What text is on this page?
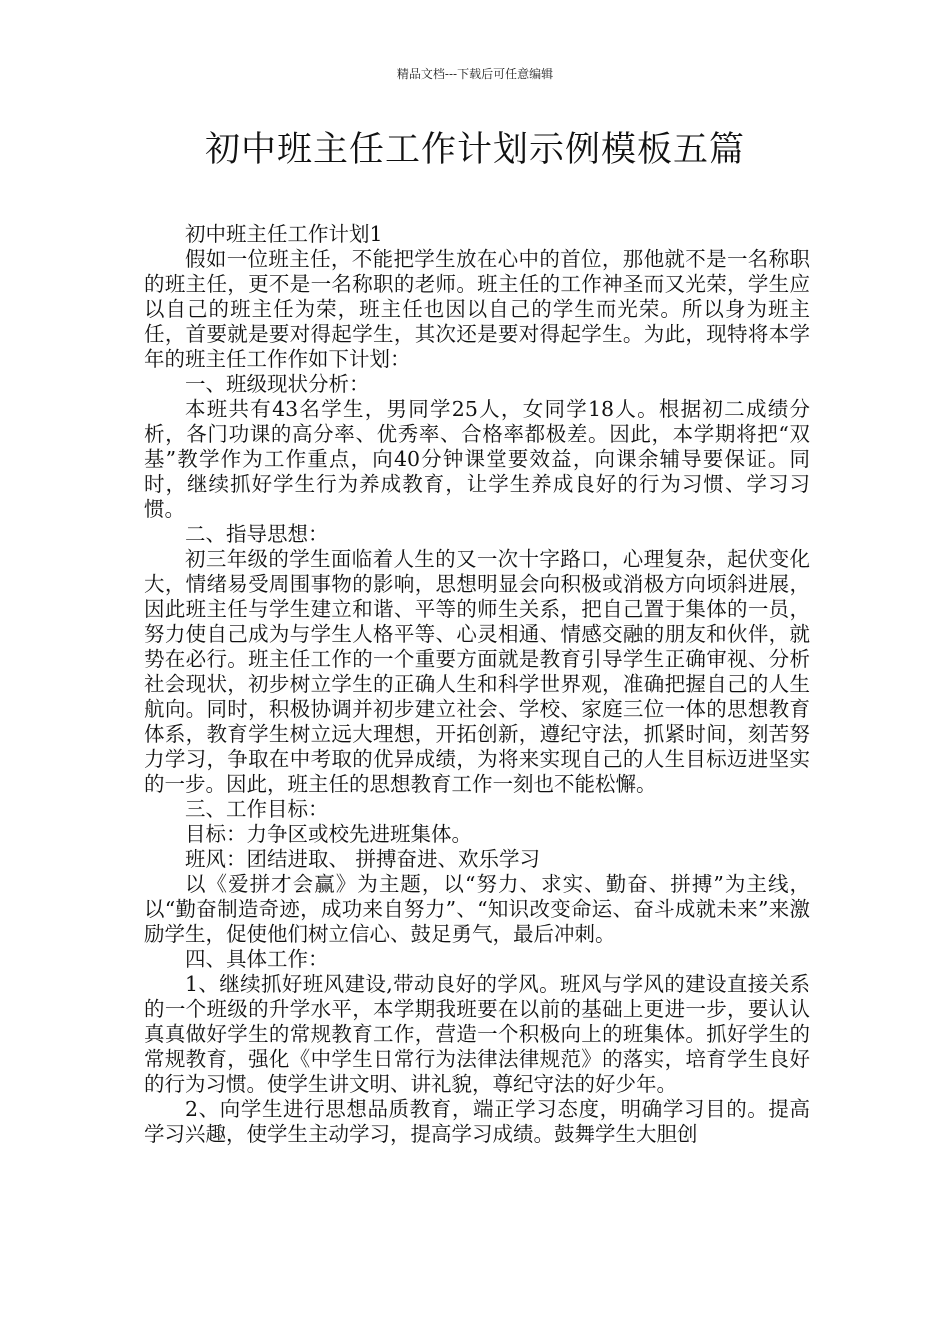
精品文档---下载后可任意编辑
初中班主任工作计划示例模板五篇

初中班主任工作计划1

假如一位班主任，不能把学生放在心中的首位，那他就不是一名称职的班主任，更不是一名称职的老师。班主任的工作神圣而又光荣，学生应以自己的班主任为荣，班主任也因以自己的学生而光荣。所以身为班主任，首要就是要对得起学生，其次还是要对得起学生。为此，现特将本学年的班主任工作作如下计划：

一、班级现状分析：

本班共有43名学生，男同学25人，女同学18人。根据初二成绩分析，各门功课的高分率、优秀率、合格率都极差。因此，本学期将把“双基”教学作为工作重点，向40分钟课堂要效益，向课余辅导要保证。同时，继续抓好学生行为养成教育，让学生养成良好的行为习惯、学习习惯。

二、指导思想：

初三年级的学生面临着人生的又一次十字路口，心理复杂，起伏变化大，情绪易受周围事物的影响，思想明显会向积极或消极方向顷斜进展，因此班主任与学生建立和谐、平等的师生关系，把自己置于集体的一员，努力使自己成为与学生人格平等、心灵相通、情感交融的朋友和伙伴，就势在必行。班主任工作的一个重要方面就是教育引导学生正确审视、分析社会现状，初步树立学生的正确人生和科学世界观，准确把握自己的人生航向。同时，积极协调并初步建立社会、学校、家庭三位一体的思想教育体系，教育学生树立远大理想，开拓创新，遵纪守法，抓紧时间，刻苦努力学习，争取在中考取的优异成绩，为将来实现自己的人生目标迈进坚实的一步。因此，班主任的思想教育工作一刻也不能松懈。

三、工作目标：

目标：力争区或校先进班集体。

班风：团结进取、 拼搏奋进、欢乐学习

以《爱拼才会赢》为主题，以“努力、求实、勤奋、拼搏”为主线，以“勤奋制造奇迹，成功来自努力”、“知识改变命运、奋斗成就未来”来激励学生，促使他们树立信心、鼓足勇气，最后冲刺。

四、具体工作：

1、继续抓好班风建设,带动良好的学风。班风与学风的建设直接关系的一个班级的升学水平，本学期我班要在以前的基础上更进一步，要认认真真做好学生的常规教育工作，营造一个积极向上的班集体。抓好学生的常规教育，强化《中学生日常行为法律法律规范》的落实，培育学生良好的行为习惯。使学生讲文明、讲礼貌，尊纪守法的好少年。

2、向学生进行思想品质教育，端正学习态度，明确学习目的。提高学习兴趣，使学生主动学习，提高学习成绩。鼓舞学生大胆创
